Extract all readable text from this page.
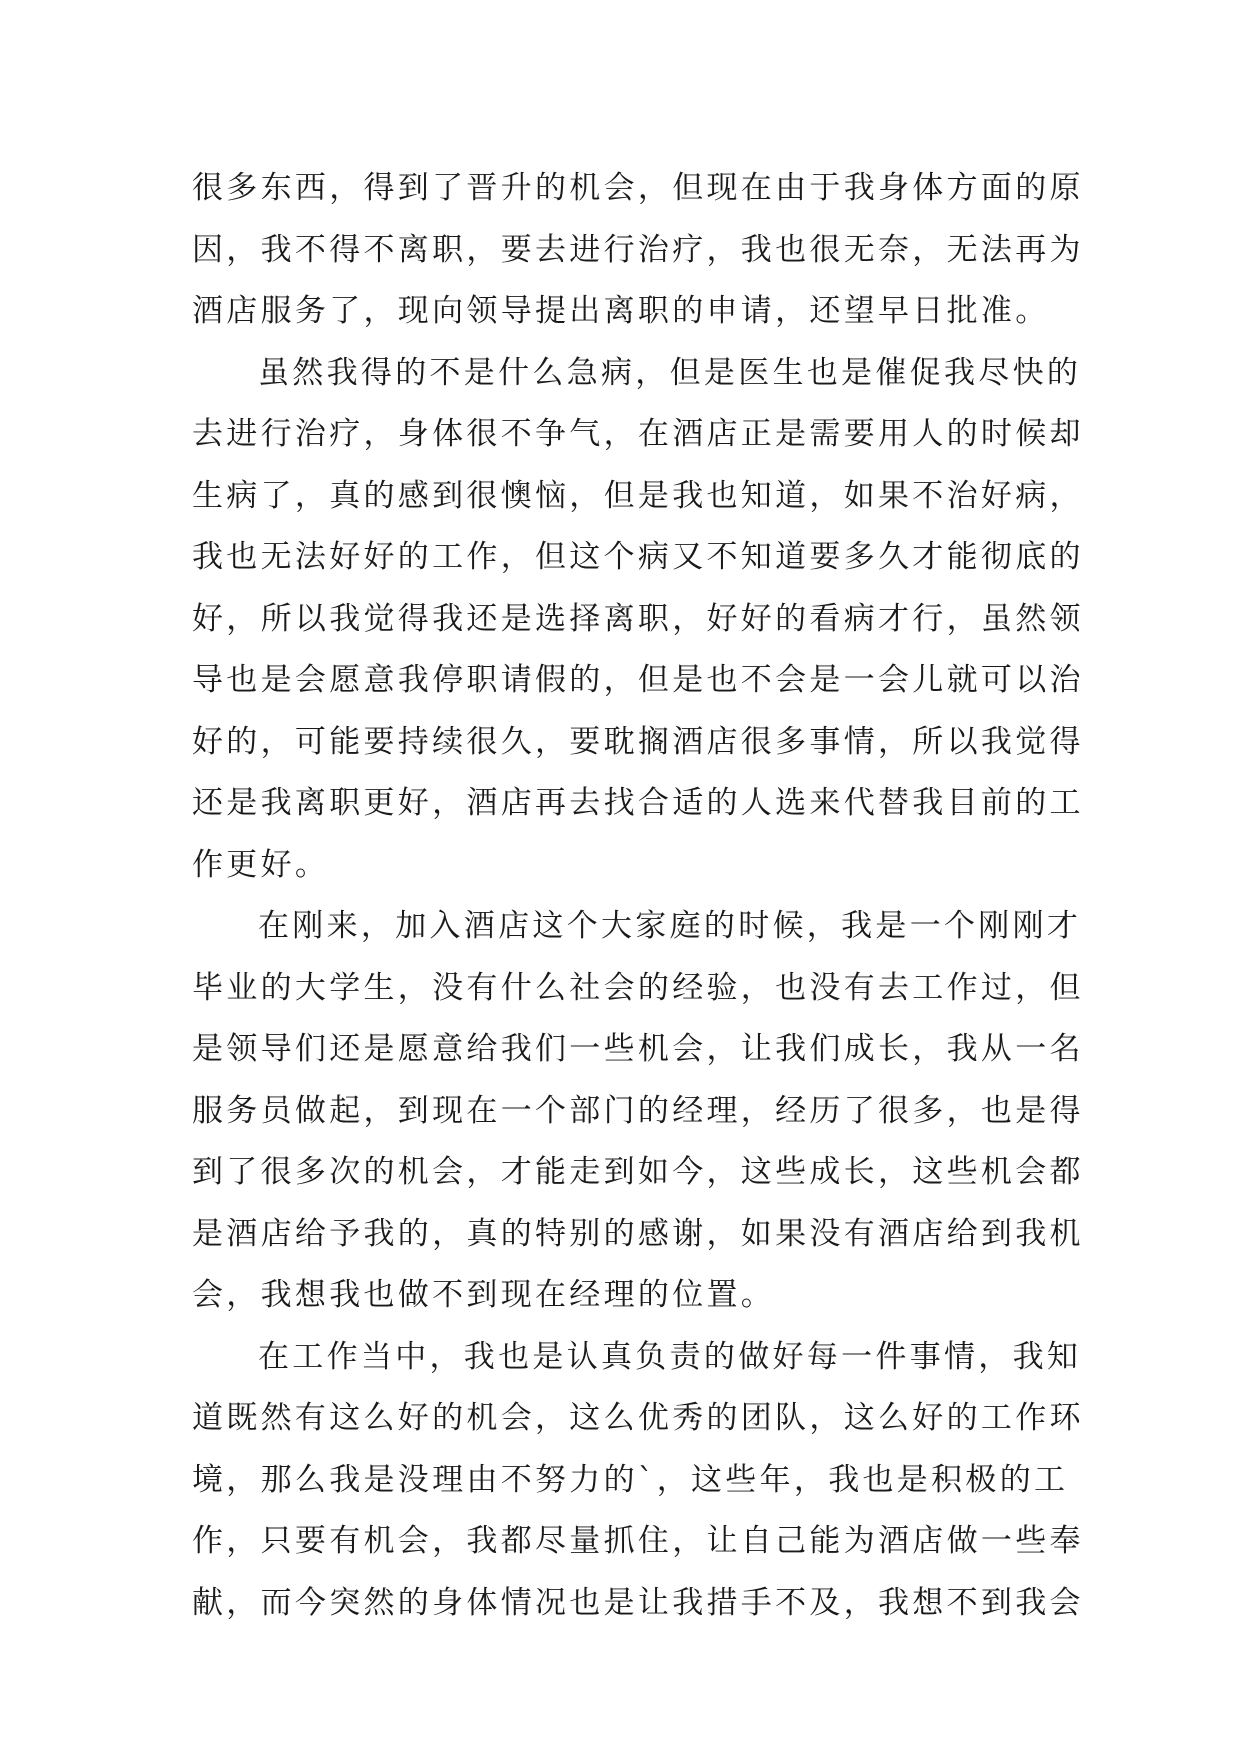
很多东西，得到了晋升的机会，但现在由于我身体方面的原
因，我不得不离职，要去进行治疗，我也很无奈，无法再为
酒店服务了，现向领导提出离职的申请，还望早日批准。
虽然我得的不是什么急病，但是医生也是催促我尽快的
去进行治疗，身体很不争气，在酒店正是需要用人的时候却
生病了，真的感到很懊恼，但是我也知道，如果不治好病，
我也无法好好的工作，但这个病又不知道要多久才能彻底的
好，所以我觉得我还是选择离职，好好的看病才行，虽然领
导也是会愿意我停职请假的，但是也不会是一会儿就可以治
好的，可能要持续很久，要耽搁酒店很多事情，所以我觉得
还是我离职更好，酒店再去找合适的人选来代替我目前的工
作更好。
在刚来，加入酒店这个大家庭的时候，我是一个刚刚才
毕业的大学生，没有什么社会的经验，也没有去工作过，但
是领导们还是愿意给我们一些机会，让我们成长，我从一名
服务员做起，到现在一个部门的经理，经历了很多，也是得
到了很多次的机会，才能走到如今，这些成长，这些机会都
是酒店给予我的，真的特别的感谢，如果没有酒店给到我机
会，我想我也做不到现在经理的位置。
在工作当中，我也是认真负责的做好每一件事情，我知
道既然有这么好的机会，这么优秀的团队，这么好的工作环
境，那么我是没理由不努力的`，这些年，我也是积极的工
作，只要有机会，我都尽量抓住，让自己能为酒店做一些奉
献，而今突然的身体情况也是让我措手不及，我想不到我会
